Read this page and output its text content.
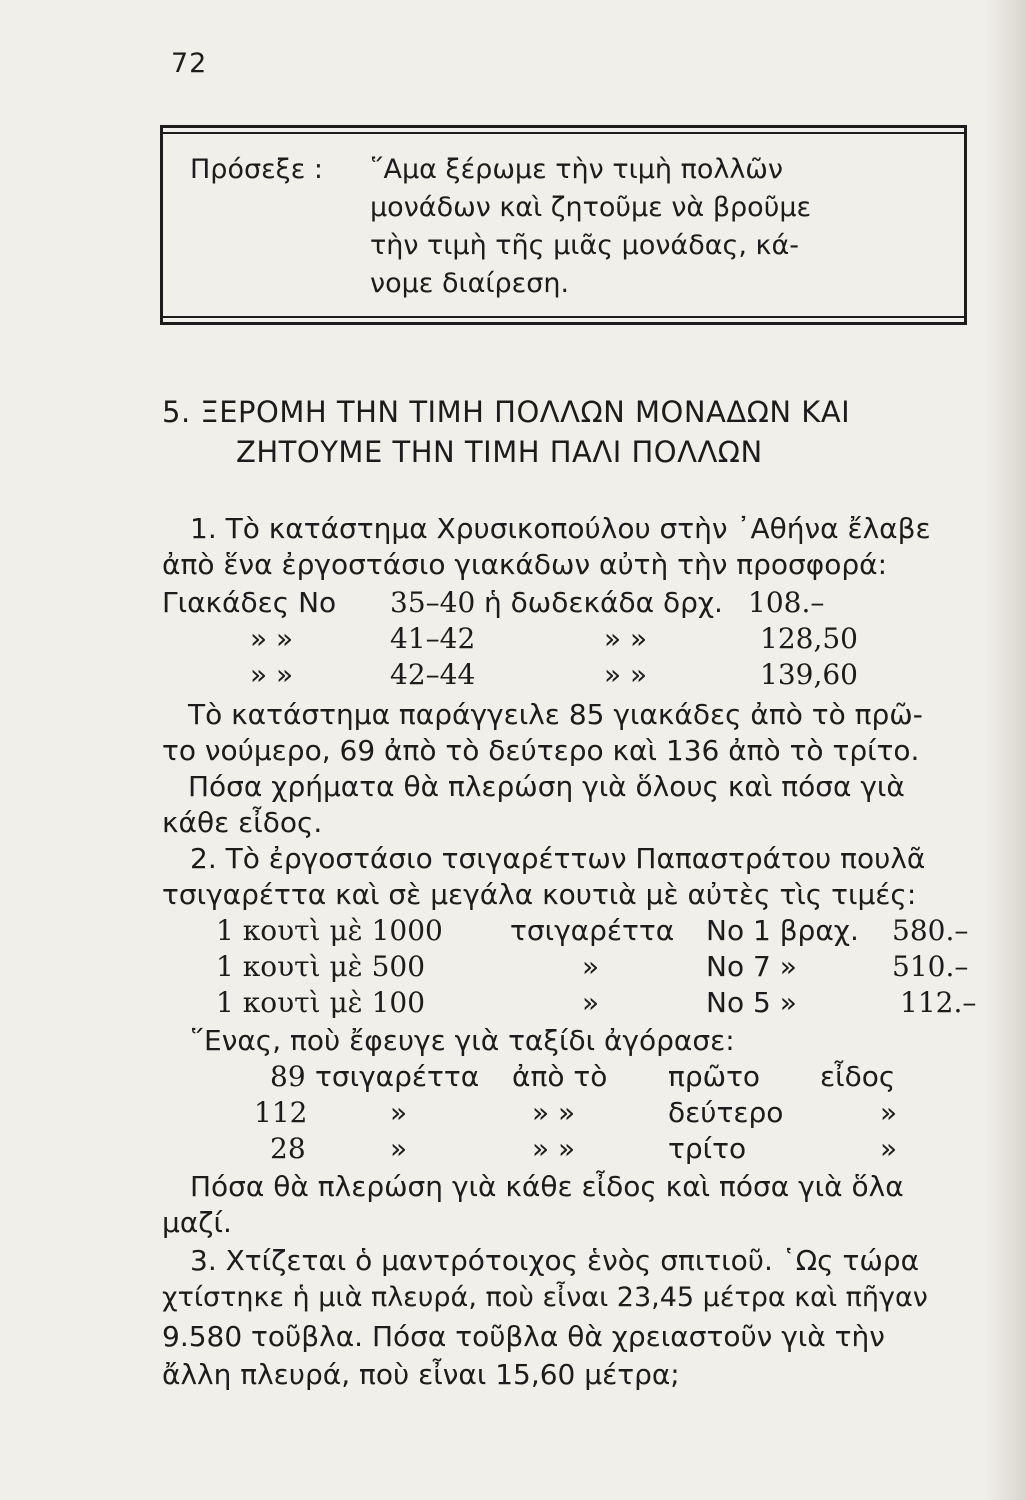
72
Πρόσεξε : ῞Αμα ξέρωμε τὴν τιμὴ πολλῶν
μονάδων καὶ ζητοῦμε νὰ βροῦμε
τὴν τιμὴ τῆς μιᾶς μονάδας, κά-
νομε διαίρεση.
5. ΞΕΡΟΜΗ ΤΗΝ ΤΙΜΗ ΠΟΛΛΩΝ ΜΟΝΑΔΩΝ ΚΑΙ
ΖΗΤΟΥΜΕ ΤΗΝ ΤΙΜΗ ΠΑΛΙ ΠΟΛΛΩΝ
1. Τὸ κατάστημα Χρυσικοπούλου στὴν ᾿Αθήνα ἔλαβε
ἀπὸ ἕνα ἐργοστάσιο γιακάδων αὐτὴ τὴν προσφορά:
Γιακάδες Νο 35–40 ἡ δωδεκάδα δρχ. 108.–
» »	41–42	» »	128,50
» »	42–44	» »	139,60
Τὸ κατάστημα παράγγειλε 85 γιακάδες ἀπὸ τὸ πρῶ-
το νούμερο, 69 ἀπὸ τὸ δεύτερο καὶ 136 ἀπὸ τὸ τρίτο.
Πόσα χρήματα θὰ πλερώση γιὰ ὅλους καὶ πόσα γιὰ
κάθε εἶδος.
2. Τὸ ἐργοστάσιο τσιγαρέττων Παπαστράτου πουλᾶ
τσιγαρέττα καὶ σὲ μεγάλα κουτιὰ μὲ αὐτὲς τὶς τιμές:
1 κουτὶ μὲ 1000 τσιγαρέττα Νο 1 βραχ. 580.–
1 κουτὶ μὲ 500	»	Νο 7 »	510.–
1 κουτὶ μὲ 100	»	Νο 5 »	112.–
῞Ενας, ποὺ ἔφευγε γιὰ ταξίδι ἀγόρασε:
89 τσιγαρέττα ἀπὸ τὸ πρῶτο εἶδος
112	»	» »	δεύτερο	»
28	»	» »	τρίτο	»
Πόσα θὰ πλερώση γιὰ κάθε εἶδος καὶ πόσα γιὰ ὅλα
μαζί.
3. Χτίζεται ὁ μαντρότοιχος ἑνὸς σπιτιοῦ. ῾Ως τώρα
χτίστηκε ἡ μιὰ πλευρά, ποὺ εἶναι 23,45 μέτρα καὶ πῆγαν
9.580 τοῦβλα. Πόσα τοῦβλα θὰ χρειαστοῦν γιὰ τὴν
ἄλλη πλευρά, ποὺ εἶναι 15,60 μέτρα;
